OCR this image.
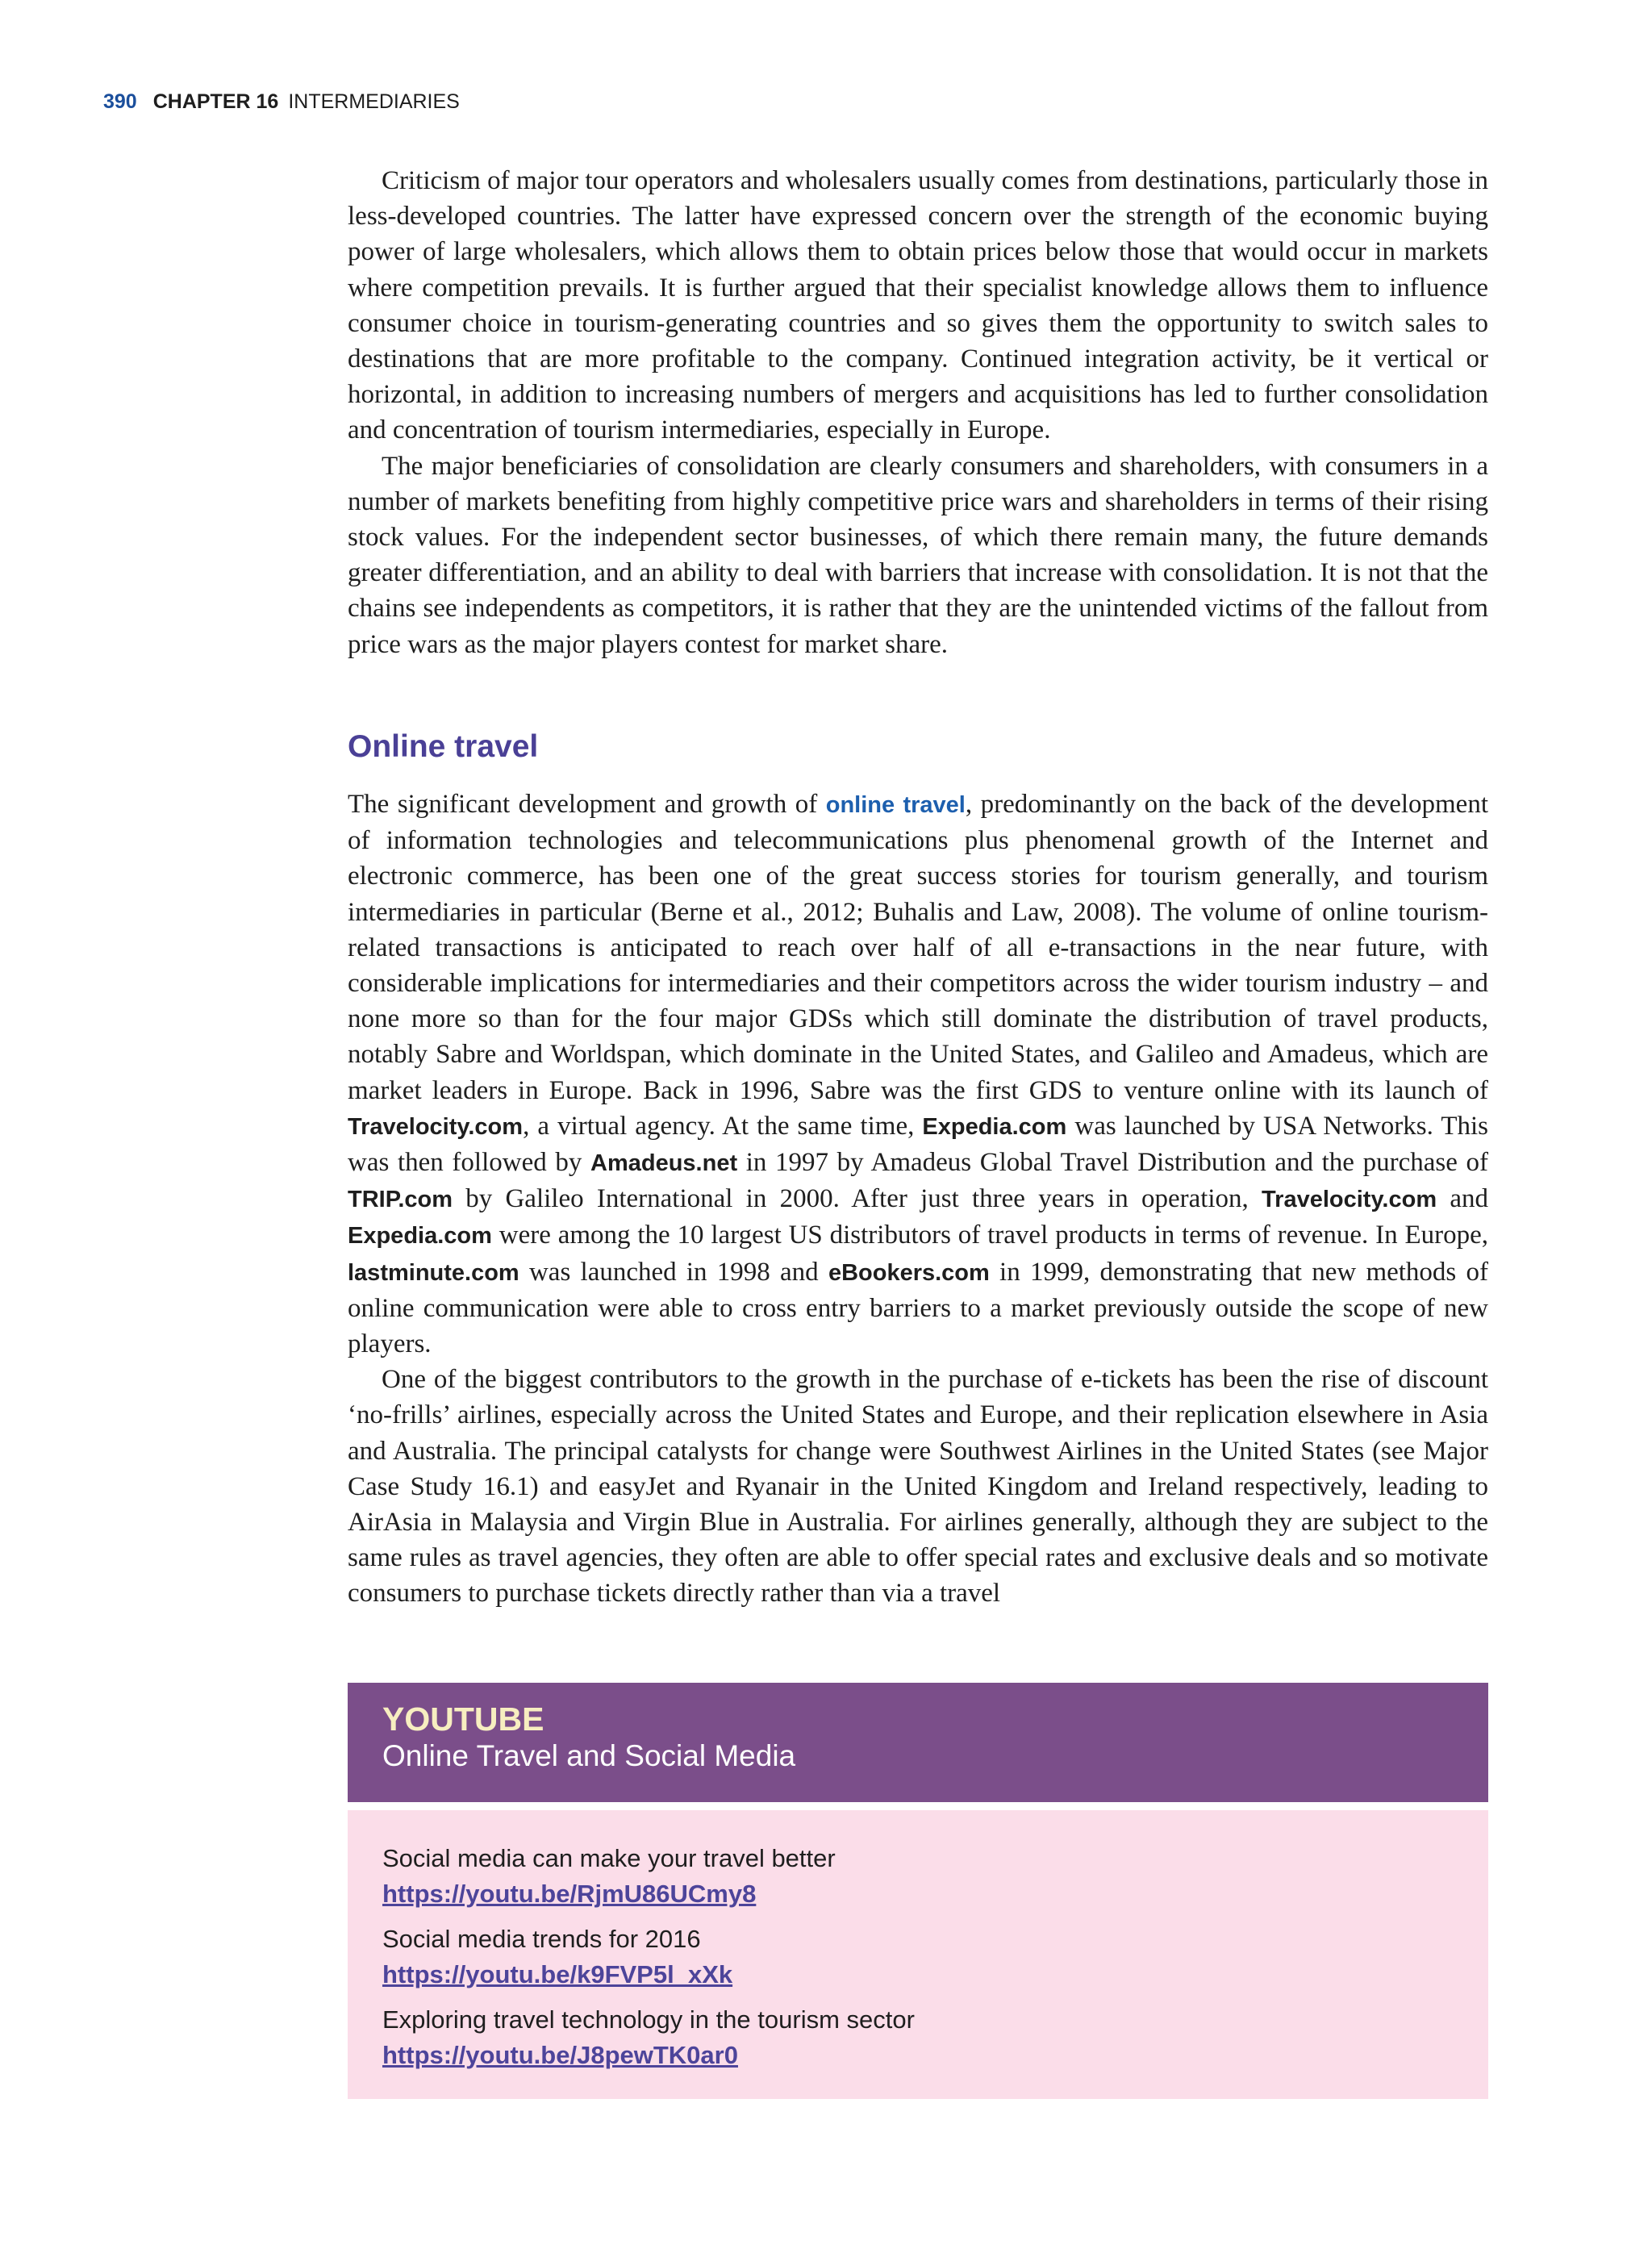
390 CHAPTER 16 INTERMEDIARIES

Criticism of major tour operators and wholesalers usually comes from destinations, particularly those in less-developed countries. The latter have expressed concern over the strength of the economic buying power of large wholesalers, which allows them to obtain prices below those that would occur in markets where competition prevails. It is further argued that their specialist knowledge allows them to influence consumer choice in tourism-generating countries and so gives them the opportunity to switch sales to destinations that are more profitable to the company. Continued integration activity, be it vertical or horizontal, in addition to increasing numbers of mergers and acquisitions has led to further consolidation and concentration of tourism intermediaries, especially in Europe.

The major beneficiaries of consolidation are clearly consumers and shareholders, with consumers in a number of markets benefiting from highly competitive price wars and shareholders in terms of their rising stock values. For the independent sector businesses, of which there remain many, the future demands greater differentiation, and an ability to deal with barriers that increase with consolidation. It is not that the chains see independents as competitors, it is rather that they are the unintended victims of the fallout from price wars as the major players contest for market share.

Online travel

The significant development and growth of online travel, predominantly on the back of the development of information technologies and telecommunications plus phenomenal growth of the Internet and electronic commerce, has been one of the great success stories for tourism generally, and tourism intermediaries in particular (Berne et al., 2012; Buhalis and Law, 2008). The volume of online tourism-related transactions is anticipated to reach over half of all e-transactions in the near future, with considerable implications for intermediaries and their competitors across the wider tourism industry – and none more so than for the four major GDSs which still dominate the distribution of travel products, notably Sabre and Worldspan, which dominate in the United States, and Galileo and Amadeus, which are market leaders in Europe. Back in 1996, Sabre was the first GDS to venture online with its launch of Travelocity.com, a virtual agency. At the same time, Expedia.com was launched by USA Networks. This was then followed by Amadeus.net in 1997 by Amadeus Global Travel Distribution and the purchase of TRIP.com by Galileo International in 2000. After just three years in operation, Travelocity.com and Expedia.com were among the 10 largest US distributors of travel products in terms of revenue. In Europe, lastminute.com was launched in 1998 and eBookers.com in 1999, demonstrating that new methods of online communication were able to cross entry barriers to a market previously outside the scope of new players.

One of the biggest contributors to the growth in the purchase of e-tickets has been the rise of discount ‘no-frills’ airlines, especially across the United States and Europe, and their replication elsewhere in Asia and Australia. The principal catalysts for change were Southwest Airlines in the United States (see Major Case Study 16.1) and easyJet and Ryanair in the United Kingdom and Ireland respectively, leading to AirAsia in Malaysia and Virgin Blue in Australia. For airlines generally, although they are subject to the same rules as travel agencies, they often are able to offer special rates and exclusive deals and so motivate consumers to purchase tickets directly rather than via a travel

YOUTUBE
Online Travel and Social Media
Social media can make your travel better
https://youtu.be/RjmU86UCmy8
Social media trends for 2016
https://youtu.be/k9FVP5l_xXk
Exploring travel technology in the tourism sector
https://youtu.be/J8pewTK0ar0
